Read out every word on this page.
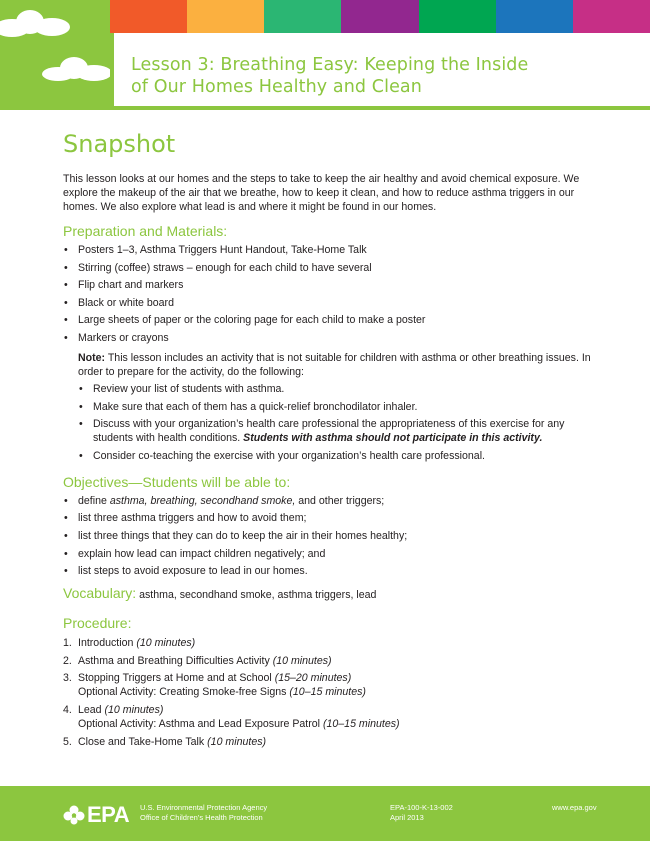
Lesson 3: Breathing Easy: Keeping the Inside
of Our Homes Healthy and Clean
Snapshot

This lesson looks at our homes and the steps to take to keep the air healthy and avoid chemical exposure. We explore the makeup of the air that we breathe, how to keep it clean, and how to reduce asthma triggers in our homes. We also explore what lead is and where it might be found in our homes.

Preparation and Materials:
• Posters 1–3, Asthma Triggers Hunt Handout, Take-Home Talk
• Stirring (coffee) straws – enough for each child to have several
• Flip chart and markers
• Black or white board
• Large sheets of paper or the coloring page for each child to make a poster
• Markers or crayons

Note: This lesson includes an activity that is not suitable for children with asthma or other breathing issues. In order to prepare for the activity, do the following:

• Review your list of students with asthma.
• Make sure that each of them has a quick-relief bronchodilator inhaler.
• Discuss with your organization’s health care professional the appropriateness of this exercise for any students with health conditions. Students with asthma should not participate in this activity.
• Consider co-teaching the exercise with your organization’s health care professional.
Objectives—Students will be able to:
• define asthma, breathing, secondhand smoke, and other triggers;
• list three asthma triggers and how to avoid them;
• list three things that they can do to keep the air in their homes healthy;
• explain how lead can impact children negatively; and
• list steps to avoid exposure to lead in our homes.

Vocabulary: asthma, secondhand smoke, asthma triggers, lead

Procedure:
1. Introduction (10 minutes)
2. Asthma and Breathing Difficulties Activity (10 minutes)
3. Stopping Triggers at Home and at School (15–20 minutes)
Optional Activity: Creating Smoke-free Signs (10–15 minutes)
4. Lead (10 minutes)
Optional Activity: Asthma and Lead Exposure Patrol (10–15 minutes)
5. Close and Take-Home Talk (10 minutes)
EPA U.S. Environmental Protection Agency
Office of Children’s Health Protection
EPA-100-K-13-002
April 2013
www.epa.gov
